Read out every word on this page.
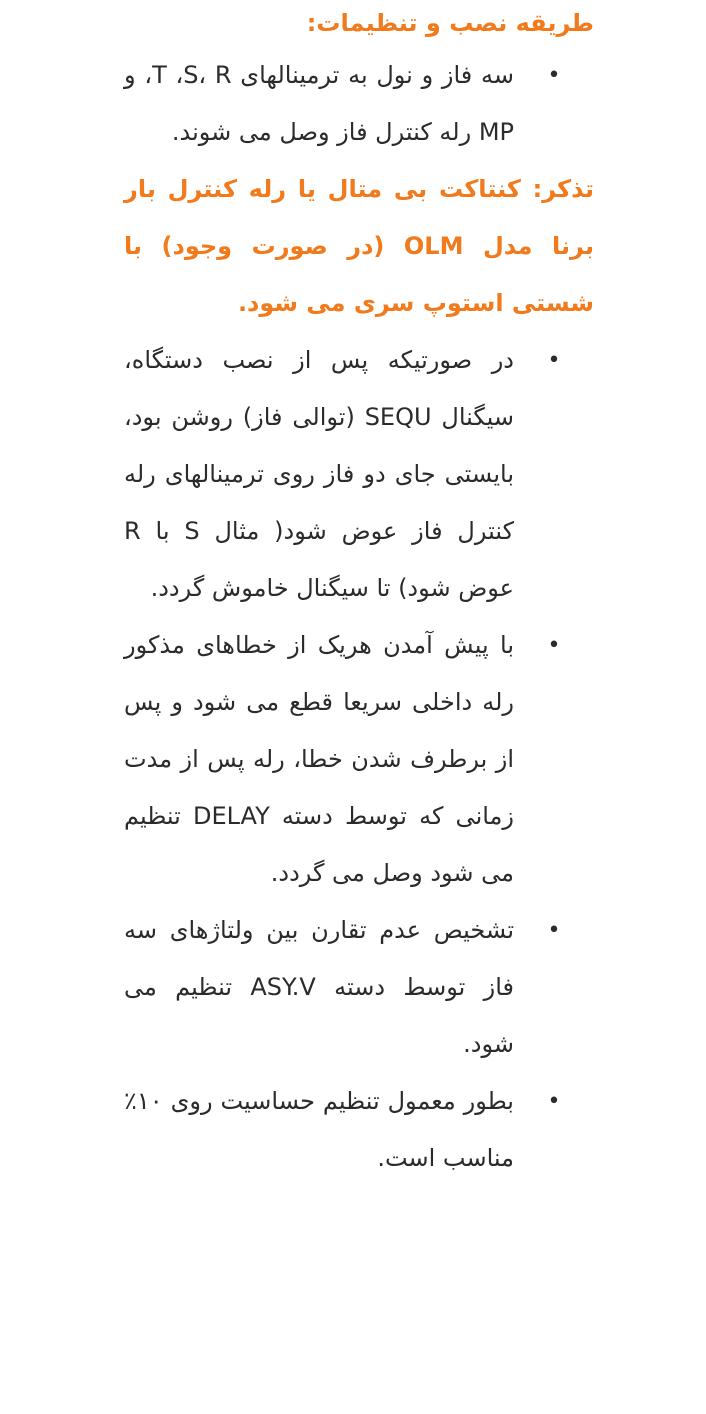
طریقه نصب و تنظیمات:
•
سه فاز و نول به ترمینالهای T ،S، R، و MP رله کنترل فاز وصل می شوند.

تذکر: کنتاکت بی متال یا رله کنترل بار برنا مدل OLM (در صورت وجود) با شستی استوپ سری می شود.

•
در صورتیکه پس از نصب دستگاه، سیگنال SEQU (توالی فاز) روشن بود، بایستی جای دو فاز روی ترمینالهای رله کنترل فاز عوض شود( مثال S با R عوض شود) تا سیگنال خاموش گردد.
•
با پیش آمدن هریک از خطاهای مذکور رله داخلی سریعا قطع می شود و پس از برطرف شدن خطا، رله پس از مدت زمانی که توسط دسته DELAY تنظیم می شود وصل می گردد.
•
تشخیص عدم تقارن بین ولتاژهای سه فاز توسط دسته ASY.V تنظیم می شود.
•
بطور معمول تنظیم حساسیت روی ۱۰٪ مناسب است.
